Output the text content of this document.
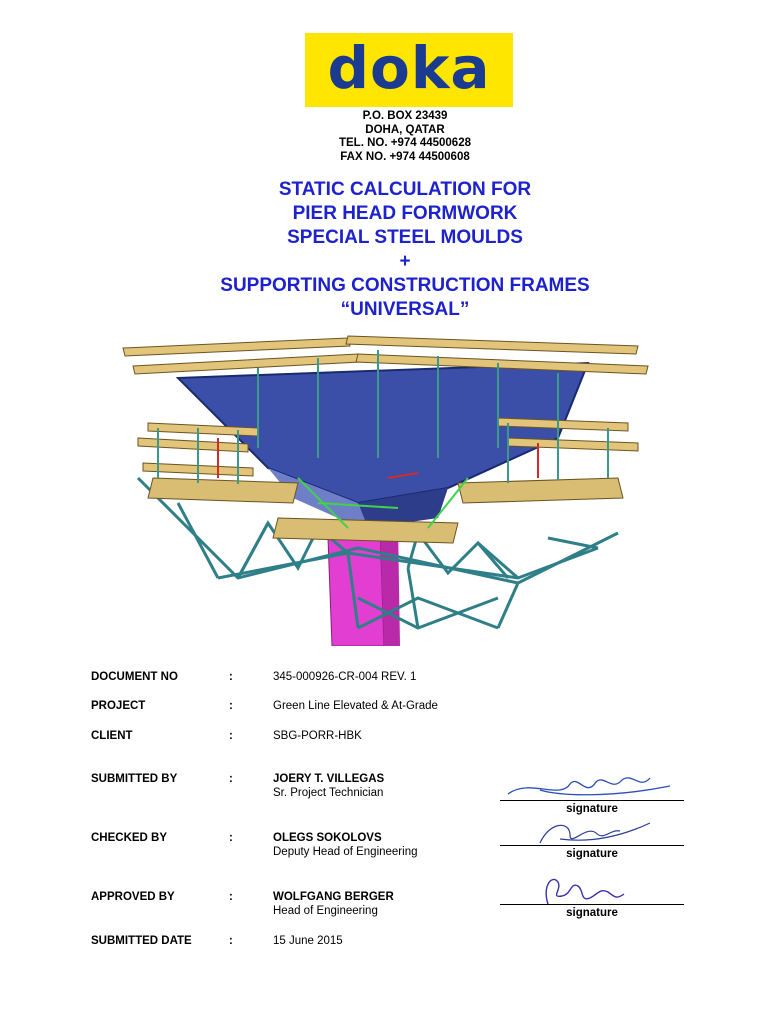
doka
P.O. BOX 23439
DOHA, QATAR
TEL. NO. +974 44500628
FAX NO. +974 44500608
STATIC CALCULATION FOR
PIER HEAD FORMWORK
SPECIAL STEEL MOULDS
+
SUPPORTING CONSTRUCTION FRAMES
“UNIVERSAL”
DOCUMENT NO	:	345-000926-CR-004 REV. 1
PROJECT	:	Green Line Elevated & At-Grade
CLIENT	:	SBG-PORR-HBK
SUBMITTED BY	:	JOERY T. VILLEGAS
Sr. Project Technician
CHECKED BY	:	OLEGS SOKOLOVS
Deputy Head of Engineering
APPROVED BY	:	WOLFGANG BERGER
Head of Engineering
SUBMITTED DATE	:	15 June 2015
signature
signature
signature
